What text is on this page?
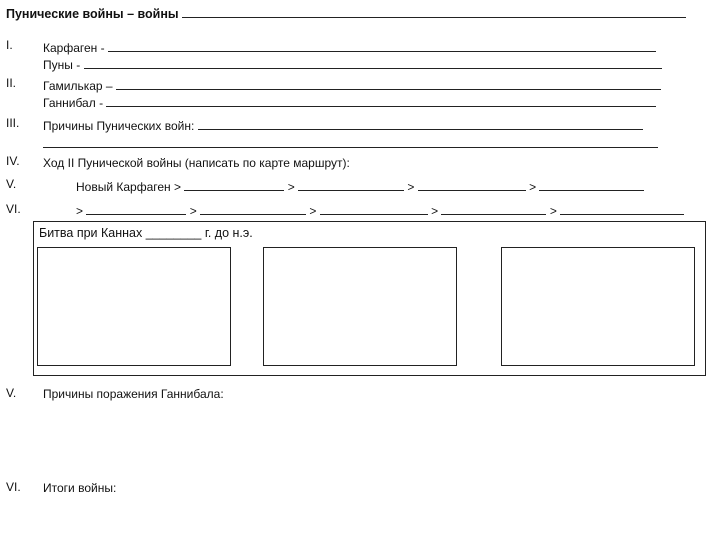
Пунические войны – войны
I.	Карфаген -
Пуны -
II. Гамилькар –
Ганнибал -
III. Причины Пунических войн:
IV. Ход II Пунической войны (написать по карте маршрут):
V.	Новый Карфаген >	>	>	>
VI.	>	>	>	>	>
Битва при Каннах ________ г. до н.э.
V. Причины поражения Ганнибала:
VI. Итоги войны:
